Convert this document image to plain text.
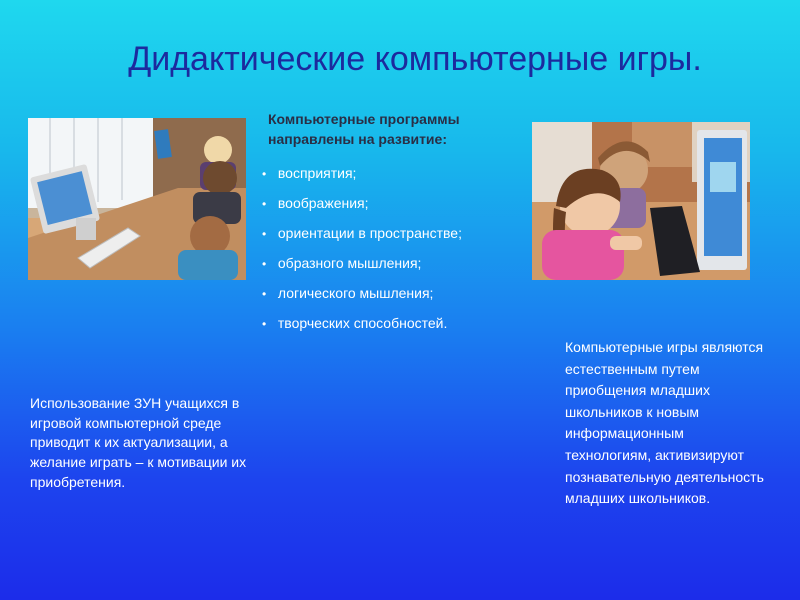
Дидактические компьютерные игры.
Компьютерные программы направлены на развитие:
• восприятия;
• воображения;
• ориентации в пространстве;
• образного мышления;
• логического мышления;
• творческих способностей.
Использование ЗУН учащихся в игровой компьютерной среде приводит к их актуализации, а желание играть – к мотивации их приобретения.
Компьютерные игры являются естественным путем приобщения младших школьников к новым информационным технологиям, активизируют познавательную деятельность младших школьников.
